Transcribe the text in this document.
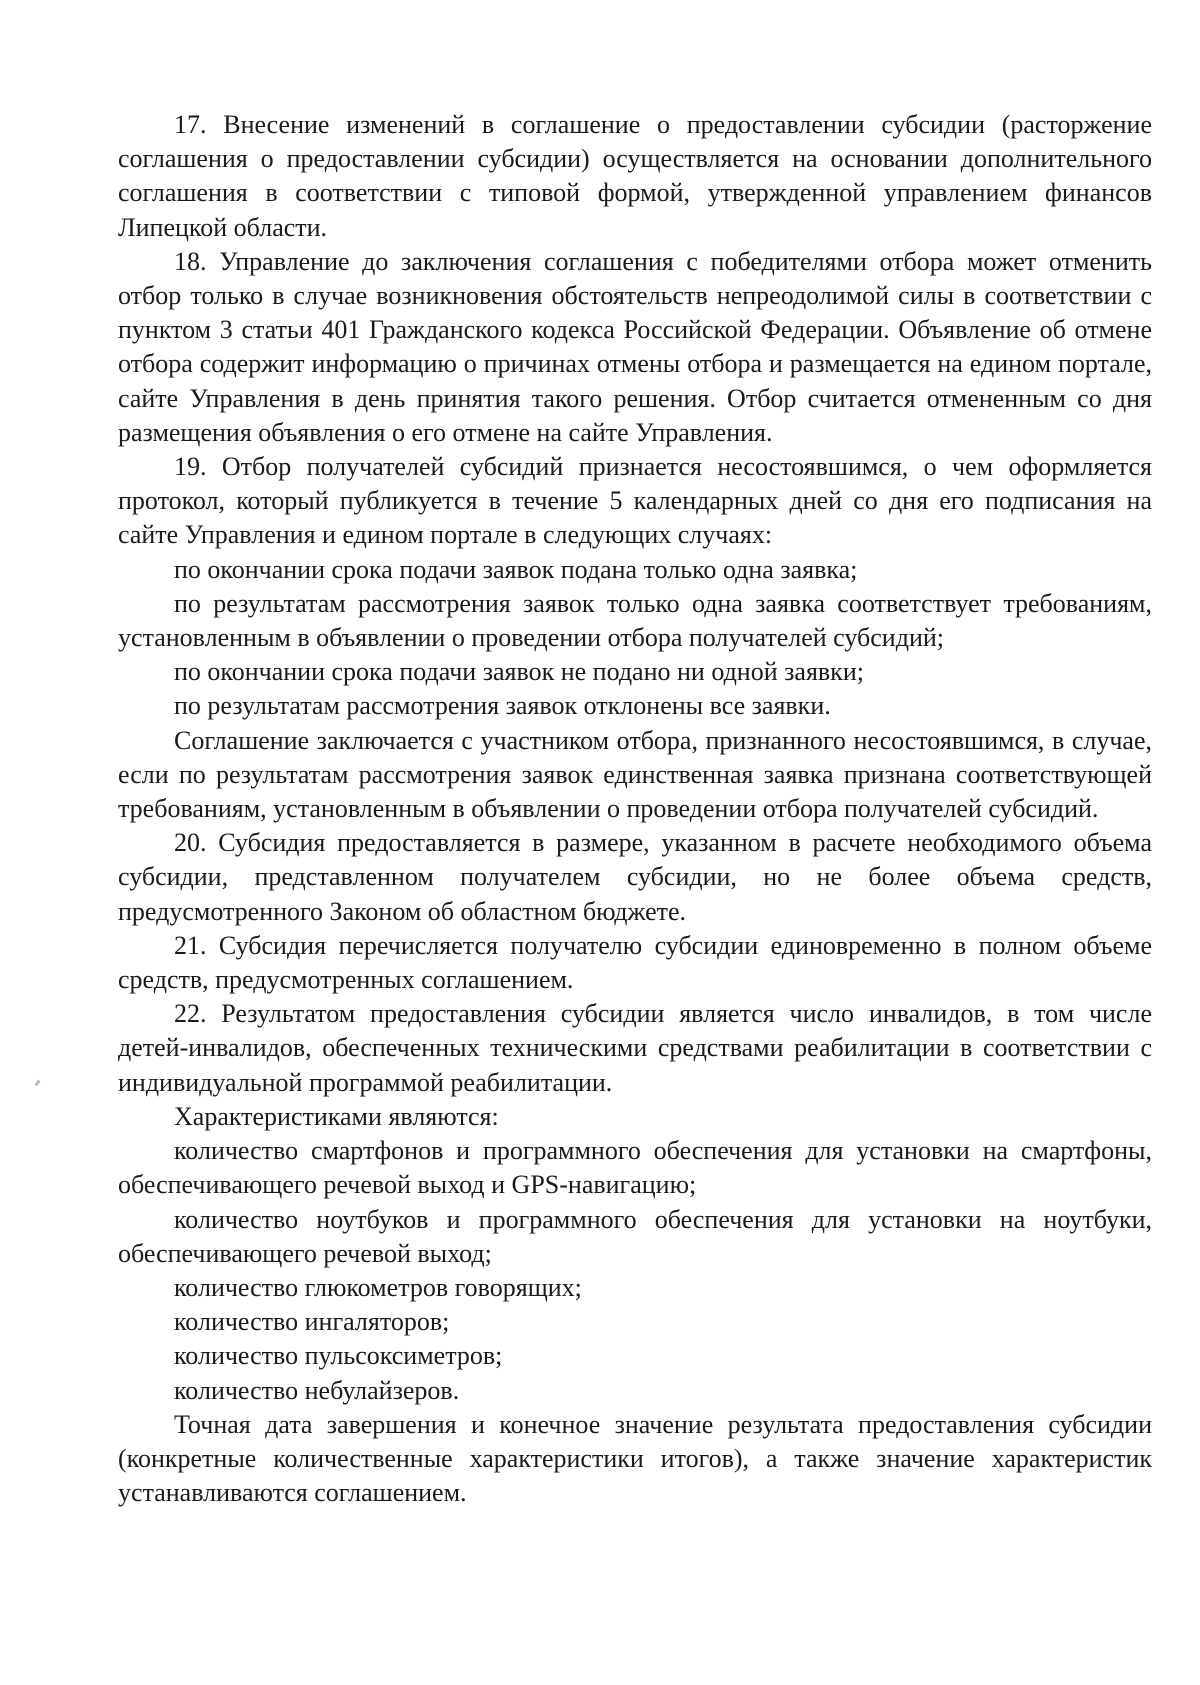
17. Внесение изменений в соглашение о предоставлении субсидии (расторжение соглашения о предоставлении субсидии) осуществляется на основании дополнительного соглашения в соответствии с типовой формой, утвержденной управлением финансов Липецкой области.

18. Управление до заключения соглашения с победителями отбора может отменить отбор только в случае возникновения обстоятельств непреодолимой силы в соответствии с пунктом 3 статьи 401 Гражданского кодекса Российской Федерации. Объявление об отмене отбора содержит информацию о причинах отмены отбора и размещается на едином портале, сайте Управления в день принятия такого решения. Отбор считается отмененным со дня размещения объявления о его отмене на сайте Управления.

19. Отбор получателей субсидий признается несостоявшимся, о чем оформляется протокол, который публикуется в течение 5 календарных дней со дня его подписания на сайте Управления и едином портале в следующих случаях:

по окончании срока подачи заявок подана только одна заявка;

по результатам рассмотрения заявок только одна заявка соответствует требованиям, установленным в объявлении о проведении отбора получателей субсидий;

по окончании срока подачи заявок не подано ни одной заявки;

по результатам рассмотрения заявок отклонены все заявки.

Соглашение заключается с участником отбора, признанного несостоявшимся, в случае, если по результатам рассмотрения заявок единственная заявка признана соответствующей требованиям, установленным в объявлении о проведении отбора получателей субсидий.

20. Субсидия предоставляется в размере, указанном в расчете необходимого объема субсидии, представленном получателем субсидии, но не более объема средств, предусмотренного Законом об областном бюджете.

21. Субсидия перечисляется получателю субсидии единовременно в полном объеме средств, предусмотренных соглашением.

22. Результатом предоставления субсидии является число инвалидов, в том числе детей-инвалидов, обеспеченных техническими средствами реабилитации в соответствии с индивидуальной программой реабилитации.

Характеристиками являются:

количество смартфонов и программного обеспечения для установки на смартфоны, обеспечивающего речевой выход и GPS-навигацию;

количество ноутбуков и программного обеспечения для установки на ноутбуки, обеспечивающего речевой выход;

количество глюкометров говорящих;

количество ингаляторов;

количество пульсоксиметров;

количество небулайзеров.

Точная дата завершения и конечное значение результата предоставления субсидии (конкретные количественные характеристики итогов), а также значение характеристик устанавливаются соглашением.
